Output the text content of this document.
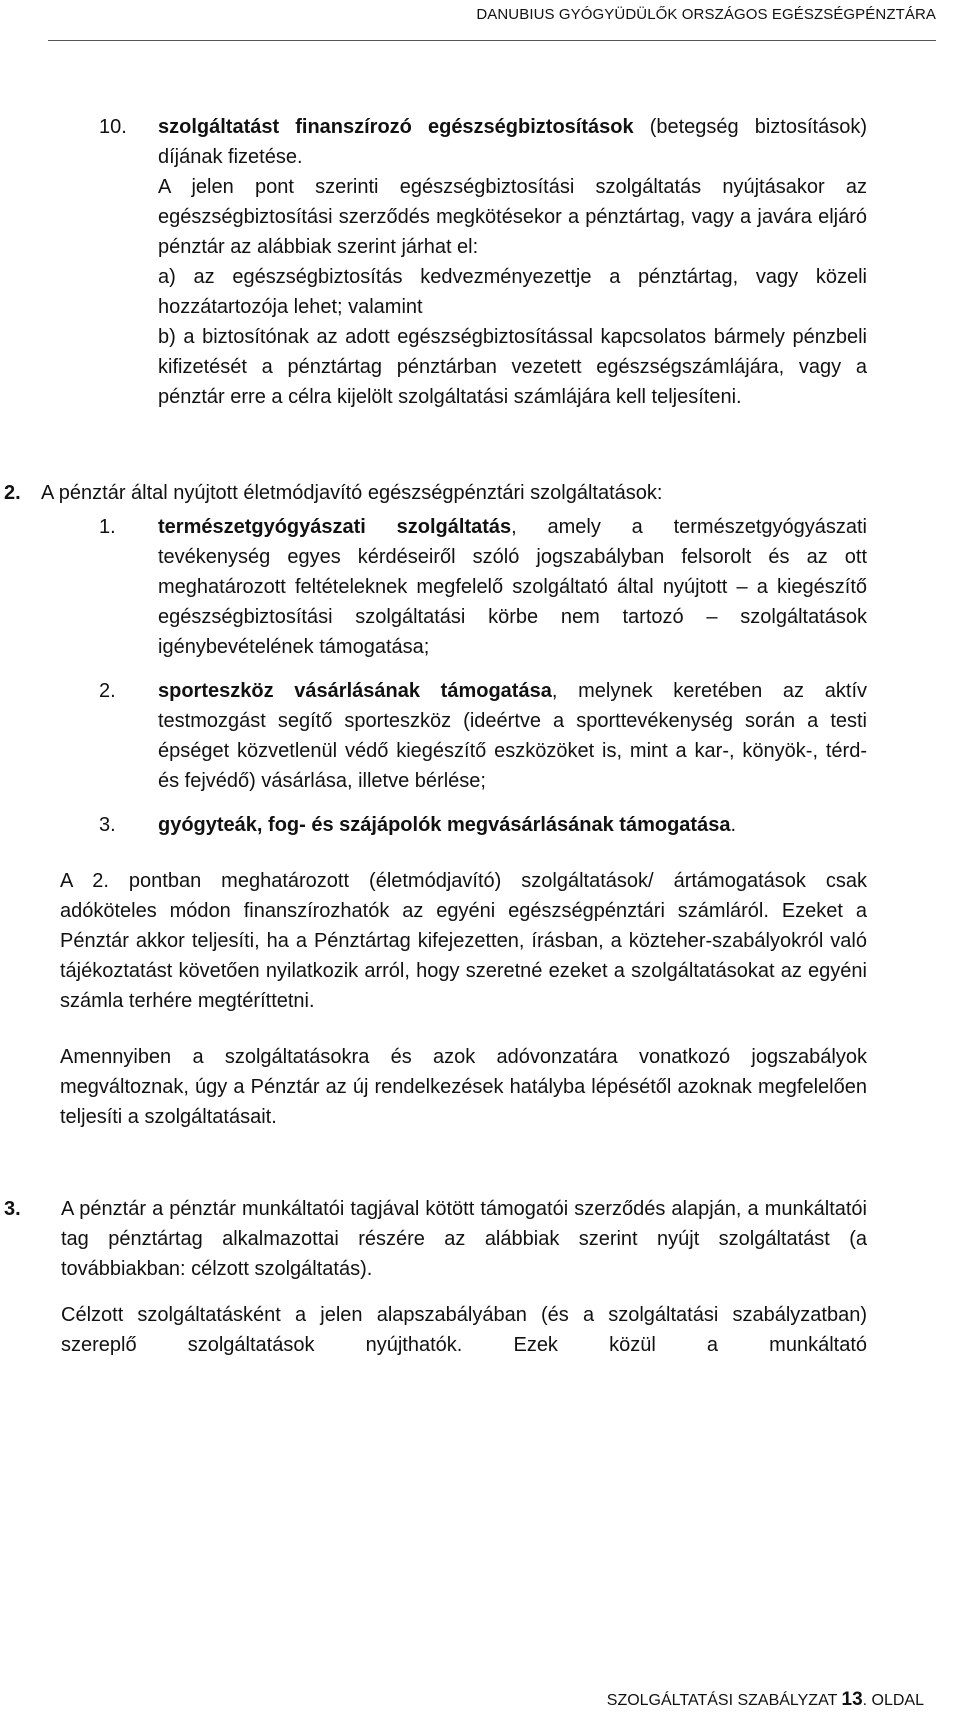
DANUBIUS GYÓGYÜDÜLŐK ORSZÁGOS EGÉSZSÉGPÉNZTÁRA
10. szolgáltatást finanszírozó egészségbiztosítások (betegség biztosítások) díjának fizetése.
A jelen pont szerinti egészségbiztosítási szolgáltatás nyújtásakor az egészségbiztosítási szerződés megkötésekor a pénztártag, vagy a javára eljáró pénztár az alábbiak szerint járhat el:
a) az egészségbiztosítás kedvezményezettje a pénztártag, vagy közeli hozzátartozója lehet; valamint
b) a biztosítónak az adott egészségbiztosítással kapcsolatos bármely pénzbeli kifizetését a pénztártag pénztárban vezetett egészségszámlájára, vagy a pénztár erre a célra kijelölt szolgáltatási számlájára kell teljesíteni.
2.	A pénztár által nyújtott életmódjavító egészségpénztári szolgáltatások:
1. természetgyógyászati szolgáltatás, amely a természetgyógyászati tevékenység egyes kérdéseiről szóló jogszabályban felsorolt és az ott meghatározott feltételeknek megfelelő szolgáltató által nyújtott – a kiegészítő egészségbiztosítási szolgáltatási körbe nem tartozó – szolgáltatások igénybevételének támogatása;
2. sporteszköz vásárlásának támogatása, melynek keretében az aktív testmozgást segítő sporteszköz (ideértve a sporttevékenység során a testi épséget közvetlenül védő kiegészítő eszközöket is, mint a kar-, könyök-, térd- és fejvédő) vásárlása, illetve bérlése;
3. gyógyteák, fog- és szájápolók megvásárlásának támogatása.
A 2. pontban meghatározott (életmódjavító) szolgáltatások/ ártámogatások csak adóköteles módon finanszírozhatók az egyéni egészségpénztári számláról. Ezeket a Pénztár akkor teljesíti, ha a Pénztártag kifejezetten, írásban, a közteher-szabályokról való tájékoztatást követően nyilatkozik arról, hogy szeretné ezeket a szolgáltatásokat az egyéni számla terhére megtéríttetni.
Amennyiben a szolgáltatásokra és azok adóvonzatára vonatkozó jogszabályok megváltoznak, úgy a Pénztár az új rendelkezések hatályba lépésétől azoknak megfelelően teljesíti a szolgáltatásait.
3.	A pénztár a pénztár munkáltatói tagjával kötött támogatói szerződés alapján, a munkáltatói tag pénztártag alkalmazottai részére az alábbiak szerint nyújt szolgáltatást (a továbbiakban: célzott szolgáltatás).
Célzott szolgáltatásként a jelen alapszabályában (és a szolgáltatási szabályzatban) szereplő szolgáltatások nyújthatók. Ezek közül a munkáltató
SZOLGÁLTATÁSI SZABÁLYZAT 13. OLDAL
